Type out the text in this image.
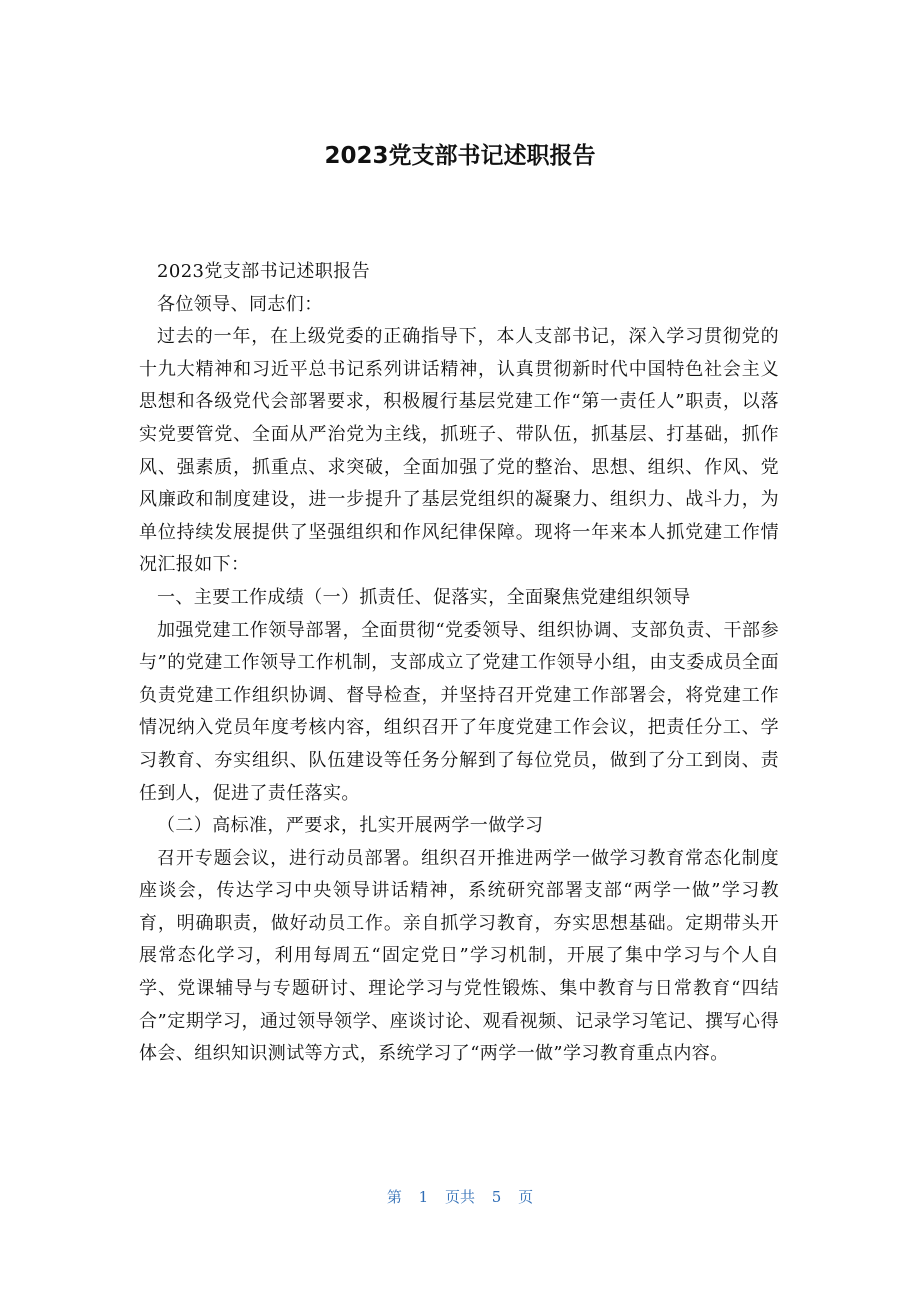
2023党支部书记述职报告

2023党支部书记述职报告

各位领导、同志们：

过去的一年，在上级党委的正确指导下，本人支部书记，深入学习贯彻党的十九大精神和习近平总书记系列讲话精神，认真贯彻新时代中国特色社会主义思想和各级党代会部署要求，积极履行基层党建工作“第一责任人”职责，以落实党要管党、全面从严治党为主线，抓班子、带队伍，抓基层、打基础，抓作风、强素质，抓重点、求突破，全面加强了党的整治、思想、组织、作风、党风廉政和制度建设，进一步提升了基层党组织的凝聚力、组织力、战斗力，为单位持续发展提供了坚强组织和作风纪律保障。现将一年来本人抓党建工作情况汇报如下：

一、主要工作成绩（一）抓责任、促落实，全面聚焦党建组织领导

加强党建工作领导部署，全面贯彻“党委领导、组织协调、支部负责、干部参与”的党建工作领导工作机制，支部成立了党建工作领导小组，由支委成员全面负责党建工作组织协调、督导检查，并坚持召开党建工作部署会，将党建工作情况纳入党员年度考核内容，组织召开了年度党建工作会议，把责任分工、学习教育、夯实组织、队伍建设等任务分解到了每位党员，做到了分工到岗、责任到人，促进了责任落实。

（二）高标准，严要求，扎实开展两学一做学习

召开专题会议，进行动员部署。组织召开推进两学一做学习教育常态化制度座谈会，传达学习中央领导讲话精神，系统研究部署支部“两学一做”学习教育，明确职责，做好动员工作。亲自抓学习教育，夯实思想基础。定期带头开展常态化学习，利用每周五“固定党日”学习机制，开展了集中学习与个人自学、党课辅导与专题研讨、理论学习与党性锻炼、集中教育与日常教育“四结合”定期学习，通过领导领学、座谈讨论、观看视频、记录学习笔记、撰写心得体会、组织知识测试等方式，系统学习了“两学一做”学习教育重点内容。

第 1 页共 5 页
